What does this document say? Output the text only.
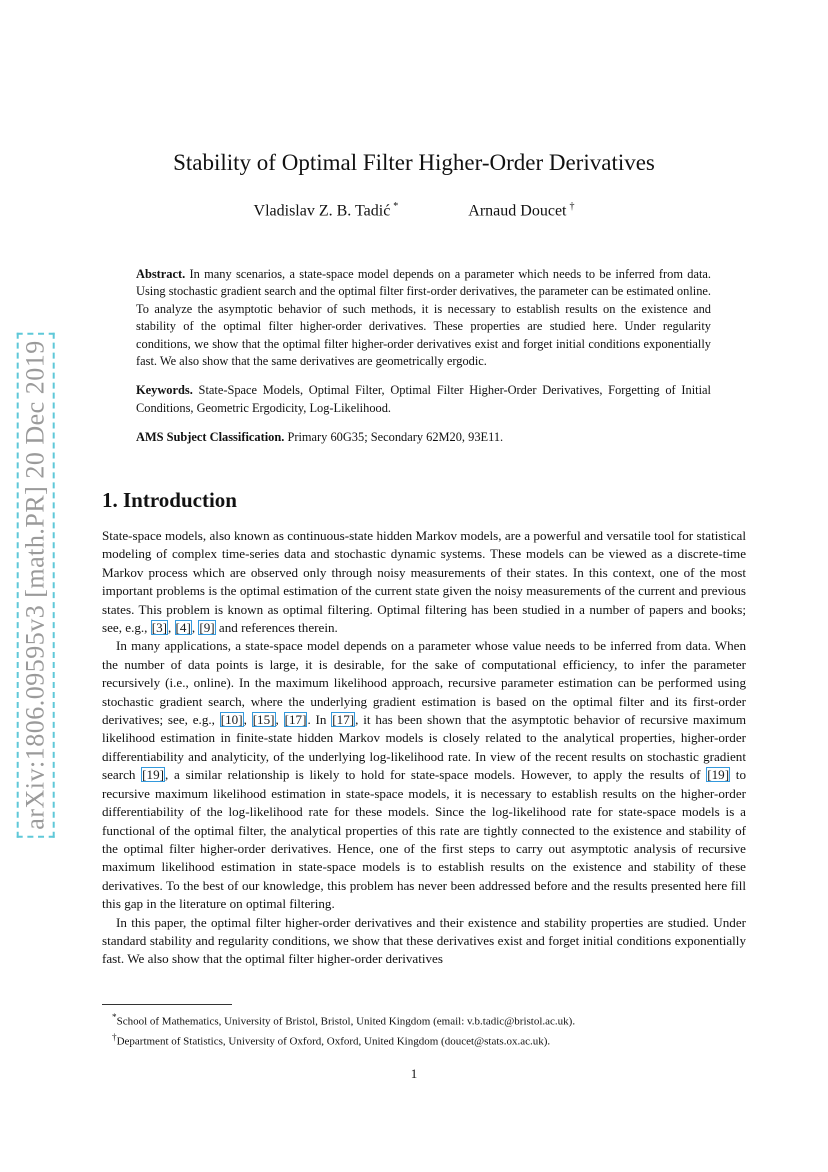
arXiv:1806.09595v3 [math.PR] 20 Dec 2019
Stability of Optimal Filter Higher-Order Derivatives
Vladislav Z. B. Tadić *	Arnaud Doucet †

Abstract. In many scenarios, a state-space model depends on a parameter which needs to be inferred from data. Using stochastic gradient search and the optimal filter first-order derivatives, the parameter can be estimated online. To analyze the asymptotic behavior of such methods, it is necessary to establish results on the existence and stability of the optimal filter higher-order derivatives. These properties are studied here. Under regularity conditions, we show that the optimal filter higher-order derivatives exist and forget initial conditions exponentially fast. We also show that the same derivatives are geometrically ergodic.

Keywords. State-Space Models, Optimal Filter, Optimal Filter Higher-Order Derivatives, Forgetting of Initial Conditions, Geometric Ergodicity, Log-Likelihood.

AMS Subject Classification. Primary 60G35; Secondary 62M20, 93E11.

1. Introduction

State-space models, also known as continuous-state hidden Markov models, are a powerful and versatile tool for statistical modeling of complex time-series data and stochastic dynamic systems. These models can be viewed as a discrete-time Markov process which are observed only through noisy measurements of their states. In this context, one of the most important problems is the optimal estimation of the current state given the noisy measurements of the current and previous states. This problem is known as optimal filtering. Optimal filtering has been studied in a number of papers and books; see, e.g., [3], [4], [9] and references therein.

In many applications, a state-space model depends on a parameter whose value needs to be inferred from data. When the number of data points is large, it is desirable, for the sake of computational efficiency, to infer the parameter recursively (i.e., online). In the maximum likelihood approach, recursive parameter estimation can be performed using stochastic gradient search, where the underlying gradient estimation is based on the optimal filter and its first-order derivatives; see, e.g., [10], [15], [17]. In [17], it has been shown that the asymptotic behavior of recursive maximum likelihood estimation in finite-state hidden Markov models is closely related to the analytical properties, higher-order differentiability and analyticity, of the underlying log-likelihood rate. In view of the recent results on stochastic gradient search [19], a similar relationship is likely to hold for state-space models. However, to apply the results of [19] to recursive maximum likelihood estimation in state-space models, it is necessary to establish results on the higher-order differentiability of the log-likelihood rate for these models. Since the log-likelihood rate for state-space models is a functional of the optimal filter, the analytical properties of this rate are tightly connected to the existence and stability of the optimal filter higher-order derivatives. Hence, one of the first steps to carry out asymptotic analysis of recursive maximum likelihood estimation in state-space models is to establish results on the existence and stability of these derivatives. To the best of our knowledge, this problem has never been addressed before and the results presented here fill this gap in the literature on optimal filtering.

In this paper, the optimal filter higher-order derivatives and their existence and stability properties are studied. Under standard stability and regularity conditions, we show that these derivatives exist and forget initial conditions exponentially fast. We also show that the optimal filter higher-order derivatives

*School of Mathematics, University of Bristol, Bristol, United Kingdom (email: v.b.tadic@bristol.ac.uk).
†Department of Statistics, University of Oxford, Oxford, United Kingdom (doucet@stats.ox.ac.uk).
1
